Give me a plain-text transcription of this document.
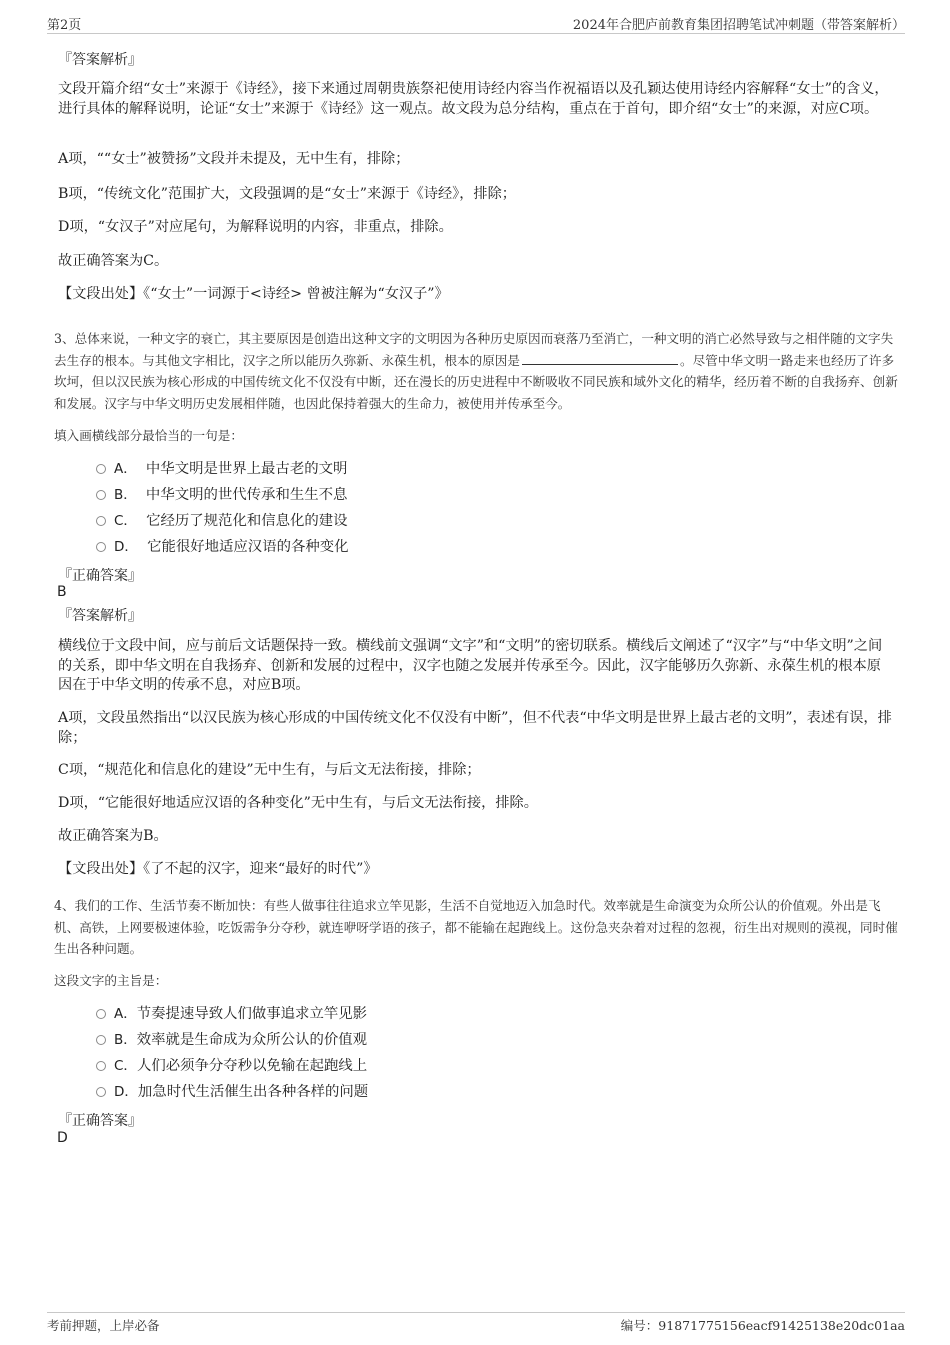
第2页	2024年合肥庐前教育集团招聘笔试冲刺题（带答案解析）
『答案解析』
文段开篇介绍“女士”来源于《诗经》，接下来通过周朝贵族祭祀使用诗经内容当作祝福语以及孔颖达使用诗经内容解释“女士”的含义，进行具体的解释说明，论证“女士”来源于《诗经》这一观点。故文段为总分结构，重点在于首句，即介绍“女士”的来源，对应C项。
A项，““女士”被赞扬”文段并未提及，无中生有，排除；
B项，“传统文化”范围扩大，文段强调的是“女士”来源于《诗经》，排除；
D项，“女汉子”对应尾句，为解释说明的内容，非重点，排除。
故正确答案为C。
【文段出处】《“女士”一词源于<诗经> 曾被注解为“女汉子”》
3、总体来说，一种文字的衰亡，其主要原因是创造出这种文字的文明因为各种历史原因而衰落乃至消亡，一种文明的消亡必然导致与之相伴随的文字失去生存的根本。与其他文字相比，汉字之所以能历久弥新、永葆生机，根本的原因是	。尽管中华文明一路走来也经历了许多坎坷，但以汉民族为核心形成的中国传统文化不仅没有中断，还在漫长的历史进程中不断吸收不同民族和域外文化的精华，经历着不断的自我扬弃、创新和发展。汉字与中华文明历史发展相伴随，也因此保持着强大的生命力，被使用并传承至今。
填入画横线部分最恰当的一句是：
A． 中华文明是世界上最古老的文明
B． 中华文明的世代传承和生生不息
C． 它经历了规范化和信息化的建设
D． 它能很好地适应汉语的各种变化
『正确答案』
B
『答案解析』
横线位于文段中间，应与前后文话题保持一致。横线前文强调“文字”和“文明”的密切联系。横线后文阐述了“汉字”与“中华文明”之间的关系，即中华文明在自我扬弃、创新和发展的过程中，汉字也随之发展并传承至今。因此，汉字能够历久弥新、永葆生机的根本原因在于中华文明的传承不息，对应B项。
A项，文段虽然指出“以汉民族为核心形成的中国传统文化不仅没有中断”，但不代表“中华文明是世界上最古老的文明”，表述有误，排除；
C项，“规范化和信息化的建设”无中生有，与后文无法衔接，排除；
D项，“它能很好地适应汉语的各种变化”无中生有，与后文无法衔接，排除。
故正确答案为B。
【文段出处】《了不起的汉字，迎来“最好的时代”》
4、我们的工作、生活节奏不断加快：有些人做事往往追求立竿见影，生活不自觉地迈入加急时代。效率就是生命演变为众所公认的价值观。外出是飞机、高铁，上网要极速体验，吃饭需争分夺秒，就连咿呀学语的孩子，都不能输在起跑线上。这份急夹杂着对过程的忽视，衍生出对规则的漠视，同时催生出各种问题。
这段文字的主旨是：
A．节奏提速导致人们做事追求立竿见影
B．效率就是生命成为众所公认的价值观
C．人们必须争分夺秒以免输在起跑线上
D．加急时代生活催生出各种各样的问题
『正确答案』
D
考前押题，上岸必备	编号：91871775156eacf91425138e20dc01aa
